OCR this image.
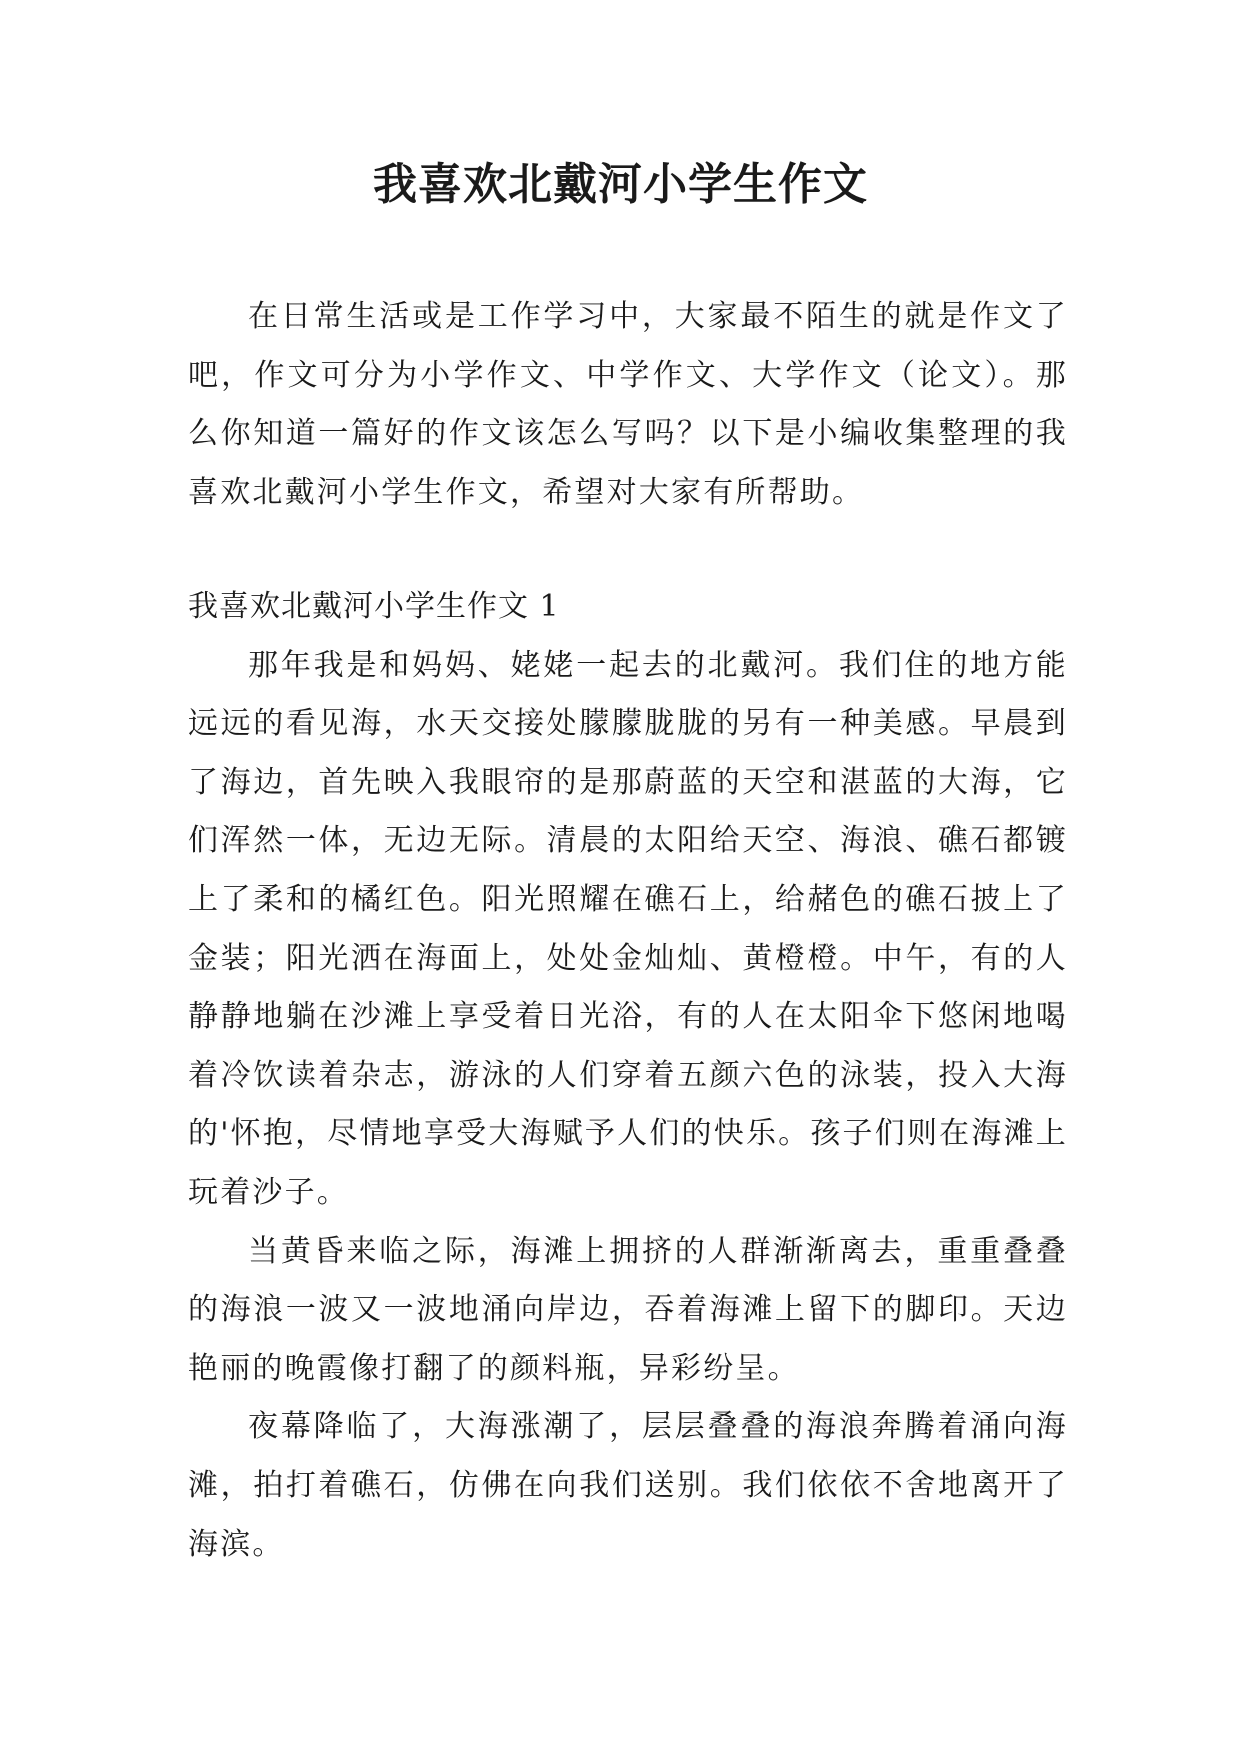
我喜欢北戴河小学生作文

在日常生活或是工作学习中，大家最不陌生的就是作文了吧，作文可分为小学作文、中学作文、大学作文（论文）。那么你知道一篇好的作文该怎么写吗？以下是小编收集整理的我喜欢北戴河小学生作文，希望对大家有所帮助。

我喜欢北戴河小学生作文 1

那年我是和妈妈、姥姥一起去的北戴河。我们住的地方能远远的看见海，水天交接处朦朦胧胧的另有一种美感。早晨到了海边，首先映入我眼帘的是那蔚蓝的天空和湛蓝的大海，它们浑然一体，无边无际。清晨的太阳给天空、海浪、礁石都镀上了柔和的橘红色。阳光照耀在礁石上，给赭色的礁石披上了金装；阳光洒在海面上，处处金灿灿、黄橙橙。中午，有的人静静地躺在沙滩上享受着日光浴，有的人在太阳伞下悠闲地喝着冷饮读着杂志，游泳的人们穿着五颜六色的泳装，投入大海的'怀抱，尽情地享受大海赋予人们的快乐。孩子们则在海滩上玩着沙子。

当黄昏来临之际，海滩上拥挤的人群渐渐离去，重重叠叠的海浪一波又一波地涌向岸边，吞着海滩上留下的脚印。天边艳丽的晚霞像打翻了的颜料瓶，异彩纷呈。

夜幕降临了，大海涨潮了，层层叠叠的海浪奔腾着涌向海滩，拍打着礁石，仿佛在向我们送别。我们依依不舍地离开了海滨。
